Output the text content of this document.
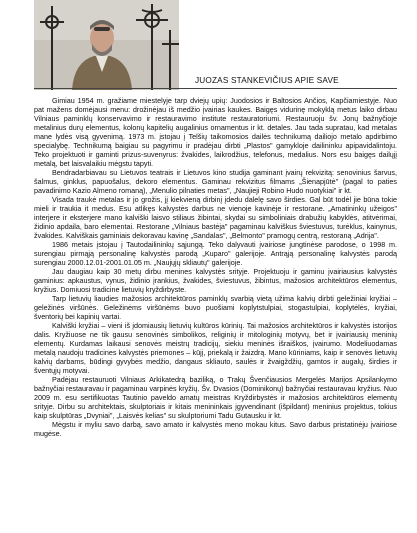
JUOZAS STANKEVIČIUS APIE SAVE

Gimiau 1954 m. gražiame miestelyje tarp dviejų upių: Juodosios ir Baltosios Ančios, Kapčiamiestyje. Nuo pat mažens domėjausi menu: drožinėjau iš medžio įvairias kaukes. Baigęs vidurinę mokyklą metus laiko dirbau Vilniaus paminklų konservavimo ir restauravimo institute restauratoriumi. Restauruoju šv. Jonų bažnyčioje metalinius durų elementus, kolonų kapitelių augalinius ornamentus ir kt. detales. Jau tada supratau, kad metalas mane lydės visą gyvenimą. 1973 m. įstojau į Telšių taikomosios dailės technikumą dailiojo metalo apdirbimo specialybę. Technikumą baigiau su pagyrimu ir pradėjau dirbti „Plastos" gamykloje dailininku apipavidalintoju. Teko projektuoti ir gaminti prizus-suvenyrus: žvakides, laikrodžius, telefonus, medalius. Nors esu baigęs dailųjį metalą, bet laisvalaikiu mėgstu tapyti.

Bendradarbiavau su Lietuvos teatrais ir Lietuvos kino studija gaminant įvairų rekvizitą: senovinius šarvus, šalmus, ginklus, papuošalus, dekoro elementus. Gaminau rekvizitus filmams „Šienapjūtė" (pagal to paties pavadinimo Kazio Almeno romaną), „Menulio pilnaties metas", „Naujieji Robino Hudo nuotykiai" ir kt.

Visada traukė metalas ir jo grožis, jį kiekvieną dirbinį įdedu dalelę savo širdies. Gal būt todėl jie būna tokie mieli ir traukia it medus. Esu atlikęs kalvystės darbus ne vienoje kavinėje ir restorane. „Amatininkų užeigos" interjere ir eksterjere mano kalviški laisvo stiliaus žibintai, skydai su simboliniais drabužių kabyklės, atitvėrimai, židinio apdaila, baro elementai. Restorane „Vilniaus bastėja" pagaminau kalviškus šviestuvus, turėklus, kainynus, žvakides. Kalviškais gaminiais dekoravau kavinę „Sandalas", „Belmonto" pramogų centrą, restoraną „Adrija".

1986 metais įstojau į Tautodailininkų sąjungą. Teko dalyvauti įvairiose jungtinėse parodose, o 1998 m. surengiau pirmąją personalinę kalvystės parodą „Kuparo" galerijoje. Antrąją personalinę kalvystės parodą surengiau 2000.12.01-2001.01.05 m. „Naujųjų skliautų" galerijoje.

Jau daugiau kaip 30 metų dirbu menines kalvystės srityje. Projektuoju ir gaminu įvairiausius kalvystės gaminius: apkaustus, vynus, židinio įrankius, žvakides, šviestuvus, žibintus, mažosios architektūros elementus, kryžius. Domiuosi tradicine lietuvių kryždirbyste.

Tarp lietuvių liaudies mažosios architektūros paminklų svarbią vietą užima kalvių dirbti geležiniai kryžiai – geležinės viršūnės. Geležinėms viršūnėms buvo puošiami koplytstulpiai, stogastulpiai, koplytėlės, kryžiai, šventorių bei kapinių vartai.

Kalviški kryžiai – vieni iš įdomiausių lietuvių kultūros kūrinių. Tai mažosios architektūros ir kalvystės istorijos dalis. Kryžiuose ne tik gausu senovinės simbolikos, religinių ir mitologinių motyvų, bet ir įvairiausių meninių elementų. Kurdamas laikausi senovės meistrų tradicijų, siekiu meninės išraiškos, įvairumo. Modeliuodamas metalą naudoju tradicines kalvystės priemones – kūjį, priekalą ir žaizdrą. Mano kūriniams, kaip ir senovės lietuvių kalvių darbams, būdingi gyvybės medžio, dangaus skliauto, saulės ir žvaigždžių, gamtos ir augalų, širdies ir šventųjų motyvai.

Padėjau restauruoti Vilniaus Arkikatedrą baziliką, o Trakų Švenčiausios Mergelės Marijos Apsilankymo bažnyčiai restauravau ir pagaminau varpinės kryžių. Šv. Dvasios (Dominikonų) bažnyčiai restauravau kryžius. Nuo 2009 m. esu sertifikuotas Tautinio paveldo amatų meistras Kryždirbystės ir mažosios architektūros elementų srityje. Dirbu su architektais, skulptoriais ir kitais menininkais įgyvendinant (išpildant) meninius projektus, tokius kaip skulptūras „Dvyniai", „Laisvės kelias" su skulptoriumi Tadu Gutausku ir kt.

Mėgstu ir myliu savo darbą, savo amato ir kalvystės meno mokau kitus. Savo darbus pristatinėju įvairiose mugėse.
